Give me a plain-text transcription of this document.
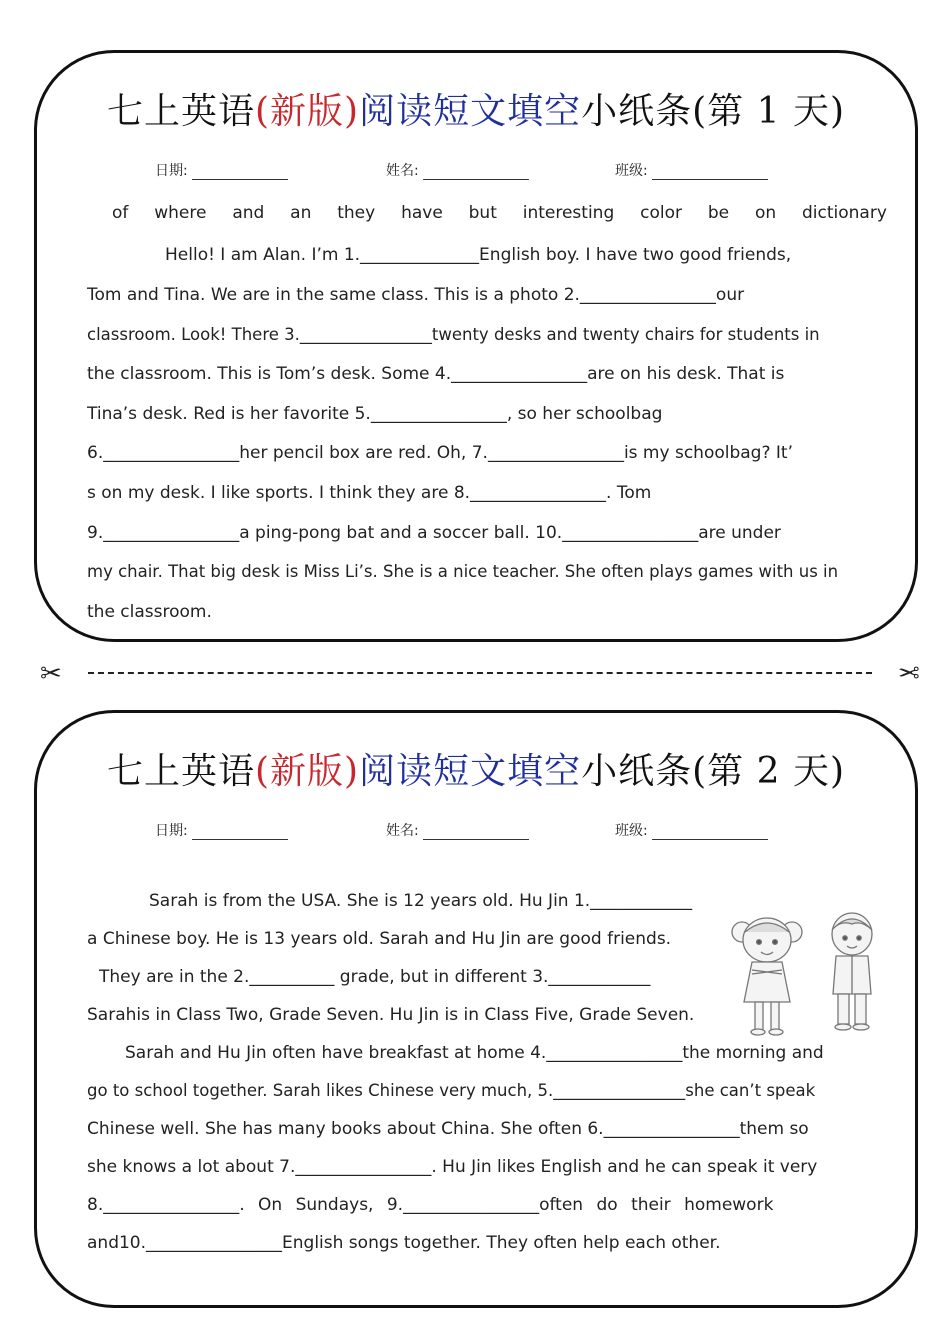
七上英语(新版)阅读短文填空小纸条(第 1 天)
日期:	姓名:	班级:
of where and an they have but interesting color be on dictionary
Hello! I am Alan. I’m 1.______________English boy. I have two good friends,
Tom and Tina. We are in the same class. This is a photo 2.________________our
classroom. Look! There 3.________________twenty desks and twenty chairs for students in
the classroom. This is Tom’s desk. Some 4.________________are on his desk. That is
Tina’s desk. Red is her favorite 5.________________, so her schoolbag
6.________________her pencil box are red. Oh, 7.________________is my schoolbag? It’
s on my desk. I like sports. I think they are 8.________________. Tom
9.________________a ping-pong bat and a soccer ball. 10.________________are under
my chair. That big desk is Miss Li’s. She is a nice teacher. She often plays games with us in
the classroom.
✂	✂
七上英语(新版)阅读短文填空小纸条(第 2 天)
日期:	姓名:	班级:
Sarah is from the USA. She is 12 years old. Hu Jin 1.____________
a Chinese boy. He is 13 years old. Sarah and Hu Jin are good friends.
They are in the 2.__________ grade, but in different 3.____________
Sarahis in Class Two, Grade Seven. Hu Jin is in Class Five, Grade Seven.
Sarah and Hu Jin often have breakfast at home 4.________________the morning and
go to school together. Sarah likes Chinese very much, 5.________________she can’t speak
Chinese well. She has many books about China. She often 6.________________them so
she knows a lot about 7.________________. Hu Jin likes English and he can speak it very
8.________________. On Sundays, 9.________________often do their homework
and10.________________English songs together. They often help each other.
